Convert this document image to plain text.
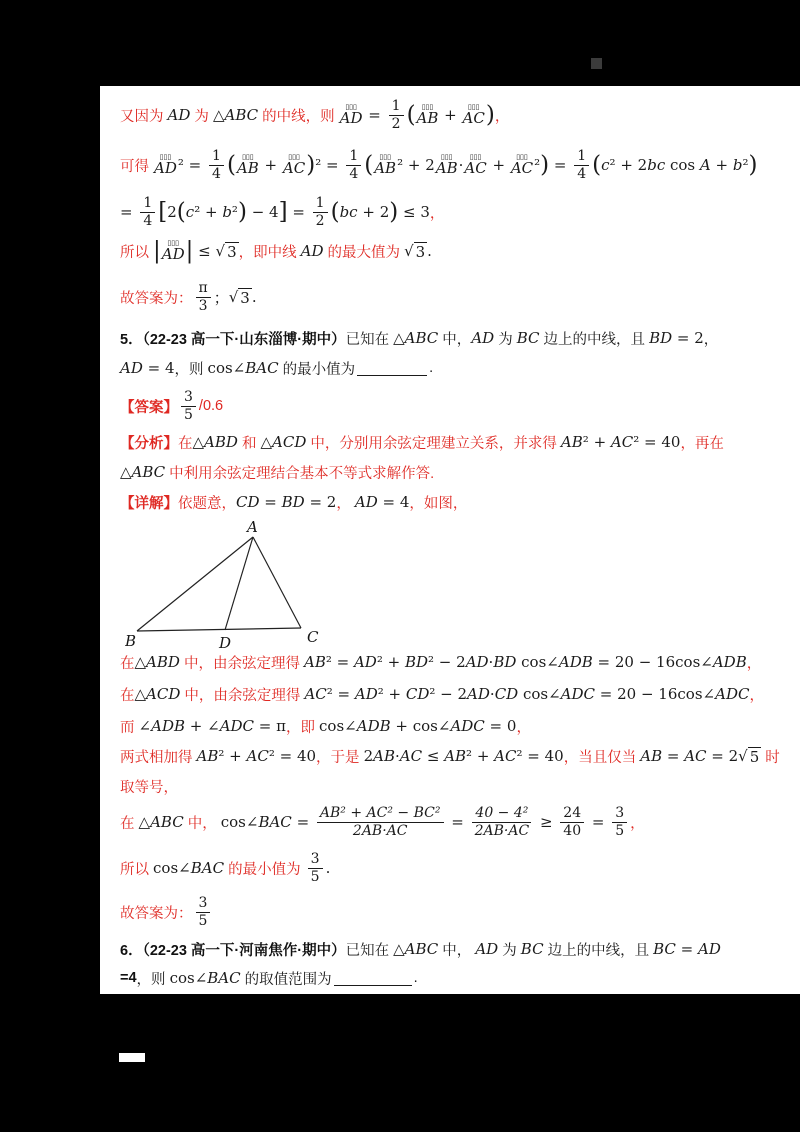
又因为 AD 为 △ABC 的中线，则
▯▯▯
AD = $\frac{1}{2}$ ( ▯▯▯
AB + ▯▯▯
AC ) ，
可得
▯▯▯
AD $^2 = \frac{1}{4}$ ( ▯▯▯
AB + ▯▯▯
AC ) $^2 = \frac{1}{4}$ ( ▯▯▯
AB ² + 2 ▯▯▯
AB · ▯▯▯
AC + ▯▯▯
AC ² ) = $\frac{1}{4}$ ( c ² + 2 bc cos A + b ² )
= $\frac{1}{4}$ [ 2 ( c ² + b ² ) − 4 ] = $\frac{1}{2}$ ( bc + 2 ) ≤ 3 ，
所以 | ▯▯▯
AD | ≤ √ 3 ，即中线 AD 的最大值为 √ 3 .
故答案为： $\frac{\pi}{3}$ ； √ 3 .
5．（22-23 高一下·山东淄博·期中） 已知在 △ABC 中， AD 为 BC 边上的中线，且 BD = 2 ，
AD = 4 ，则 cos∠ BAC 的最小值为	.
【答案】 $\frac{3}{5} /0.6$
【分析】 在 △ABD 和 △ACD 中，分别用余弦定理建立关系，并求得 AB ² + AC ² = 40 ，再在
△ABC 中利用余弦定理结合基本不等式求解作答.
【详解】 依题意， CD = BD = 2 ， AD = 4 ，如图，
A
B	D	C
在 △ABD 中，由余弦定理得 AB ² = AD ² + BD ² − 2 AD · BD cos∠ ADB = 20 − 16cos∠ ADB ，
在 △ACD 中，由余弦定理得 AC ² = AD ² + CD ² − 2 AD · CD cos∠ ADC = 20 − 16cos∠ ADC ，
而 ∠ ADB + ∠ ADC = π ，即 cos∠ ADB + cos∠ ADC = 0 ，
两式相加得 AB ² + AC ² = 40 ，于是 2 AB · AC ≤ AB ² + AC ² = 40 ，当且仅当 AB = AC = 2 √ 5 时
取等号，
在 △ABC 中， cos∠ BAC = $\frac{\text{AB² + AC² − BC²}}{2AB\cdot AC} = \frac{\text{40 − 4²}}{2AB\cdot AC} \ge \frac{24}{40} = \frac{3}{5}$ ，
所以 cos∠ BAC 的最小值为 $\frac{3}{5}$ .
故答案为： $\frac{3}{5}$
6．（22-23 高一下·河南焦作·期中） 已知在 △ABC 中， AD 为 BC 边上的中线，且 BC = AD
=4 ，则 cos∠ BAC 的取值范围为	.
